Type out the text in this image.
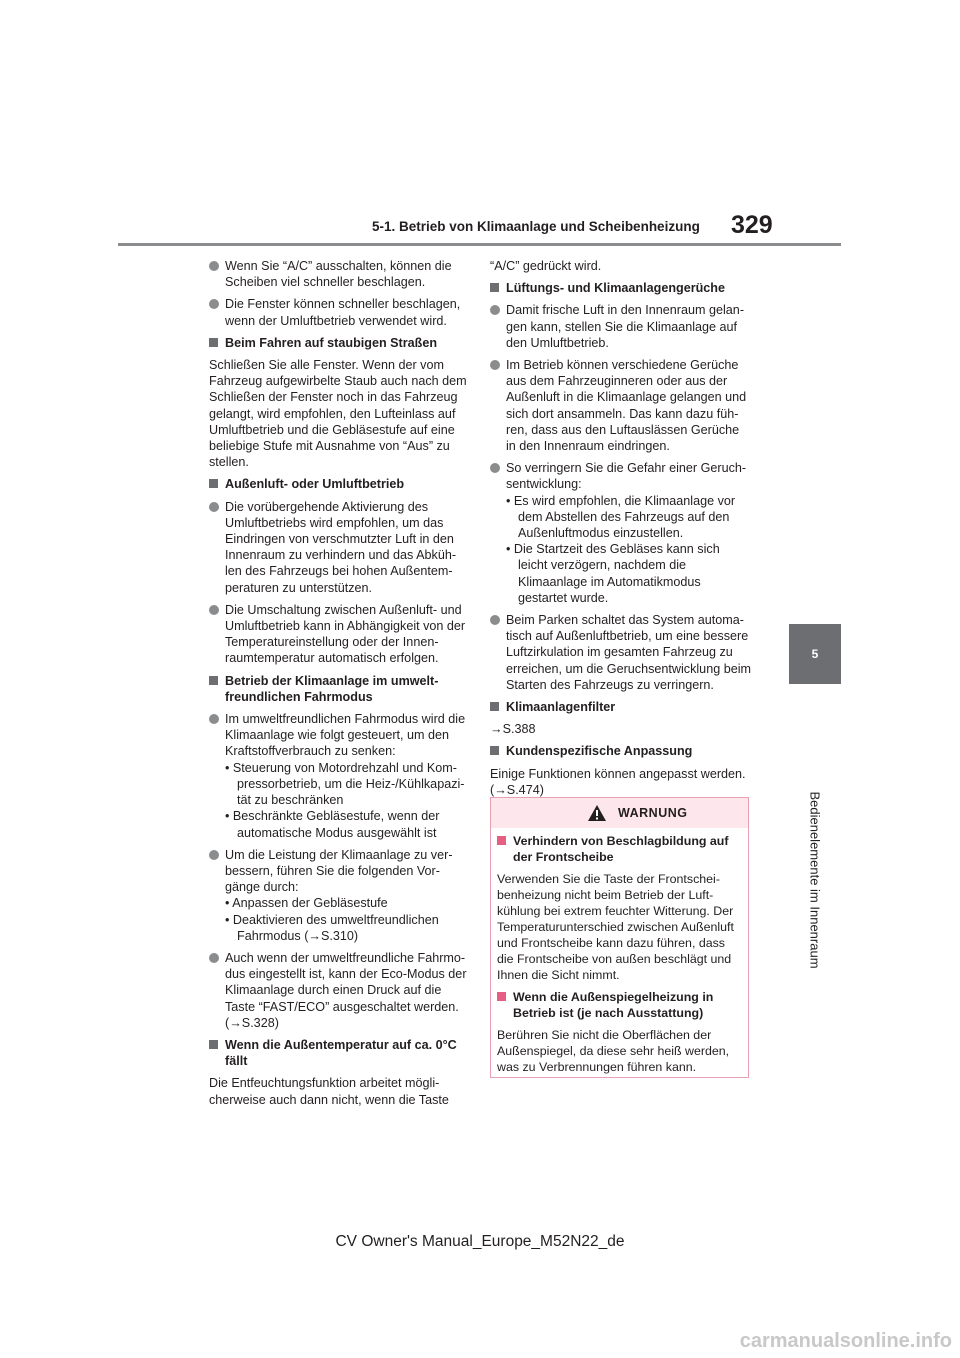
5-1. Betrieb von Klimaanlage und Scheibenheizung 329
5
Bedienelemente im Innenraum
Wenn Sie “A/C” ausschalten, können die Scheiben viel schneller beschlagen.
Die Fenster können schneller beschlagen, wenn der Umluftbetrieb verwendet wird.
Beim Fahren auf staubigen Straßen
Schließen Sie alle Fenster. Wenn der vom Fahrzeug aufgewirbelte Staub auch nach dem Schließen der Fenster noch in das Fahrzeug gelangt, wird empfohlen, den Lufteinlass auf Umluftbetrieb und die Gebläsestufe auf eine beliebige Stufe mit Ausnahme von “Aus” zu stellen.
Außenluft- oder Umluftbetrieb
Die vorübergehende Aktivierung des Umluftbetriebs wird empfohlen, um das Eindringen von verschmutzter Luft in den Innenraum zu verhindern und das Abkühlen des Fahrzeugs bei hohen Außentemperaturen zu unterstützen.
Die Umschaltung zwischen Außenluft- und Umluftbetrieb kann in Abhängigkeit von der Temperatureinstellung oder der Innenraumtemperatur automatisch erfolgen.
Betrieb der Klimaanlage im umweltfreundlichen Fahrmodus
Im umweltfreundlichen Fahrmodus wird die Klimaanlage wie folgt gesteuert, um den Kraftstoffverbrauch zu senken:
• Steuerung von Motordrehzahl und Kompressorbetrieb, um die Heiz-/Kühlkapazität zu beschränken
• Beschränkte Gebläsestufe, wenn der automatische Modus ausgewählt ist
Um die Leistung der Klimaanlage zu verbessern, führen Sie die folgenden Vorgänge durch:
• Anpassen der Gebläsestufe
• Deaktivieren des umweltfreundlichen Fahrmodus (→S.310)
Auch wenn der umweltfreundliche Fahrmodus eingestellt ist, kann der Eco-Modus der Klimaanlage durch einen Druck auf die Taste “FAST/ECO” ausgeschaltet werden. (→S.328)
Wenn die Außentemperatur auf ca. 0°C fällt
Die Entfeuchtungsfunktion arbeitet möglicherweise auch dann nicht, wenn die Taste
“A/C” gedrückt wird.
Lüftungs- und Klimaanlagengerüche
Damit frische Luft in den Innenraum gelangen kann, stellen Sie die Klimaanlage auf den Umluftbetrieb.
Im Betrieb können verschiedene Gerüche aus dem Fahrzeuginneren oder aus der Außenluft in die Klimaanlage gelangen und sich dort ansammeln. Das kann dazu führen, dass aus den Luftauslässen Gerüche in den Innenraum eindringen.
So verringern Sie die Gefahr einer Geruchsentwicklung:
• Es wird empfohlen, die Klimaanlage vor dem Abstellen des Fahrzeugs auf den Außenluftmodus einzustellen.
• Die Startzeit des Gebläses kann sich leicht verzögern, nachdem die Klimaanlage im Automatikmodus gestartet wurde.
Beim Parken schaltet das System automatisch auf Außenluftbetrieb, um eine bessere Luftzirkulation im gesamten Fahrzeug zu erreichen, um die Geruchsentwicklung beim Starten des Fahrzeugs zu verringern.
Klimaanlagenfilter
→S.388
Kundenspezifische Anpassung
Einige Funktionen können angepasst werden. (→S.474)
WARNUNG
Verhindern von Beschlagbildung auf der Frontscheibe
Verwenden Sie die Taste der Frontscheibenheizung nicht beim Betrieb der Luftkühlung bei extrem feuchter Witterung. Der Temperaturunterschied zwischen Außenluft und Frontscheibe kann dazu führen, dass die Frontscheibe von außen beschlägt und Ihnen die Sicht nimmt.
Wenn die Außenspiegelheizung in Betrieb ist (je nach Ausstattung)
Berühren Sie nicht die Oberflächen der Außenspiegel, da diese sehr heiß werden, was zu Verbrennungen führen kann.
CV Owner's Manual_Europe_M52N22_de
carmanualsonline.info
